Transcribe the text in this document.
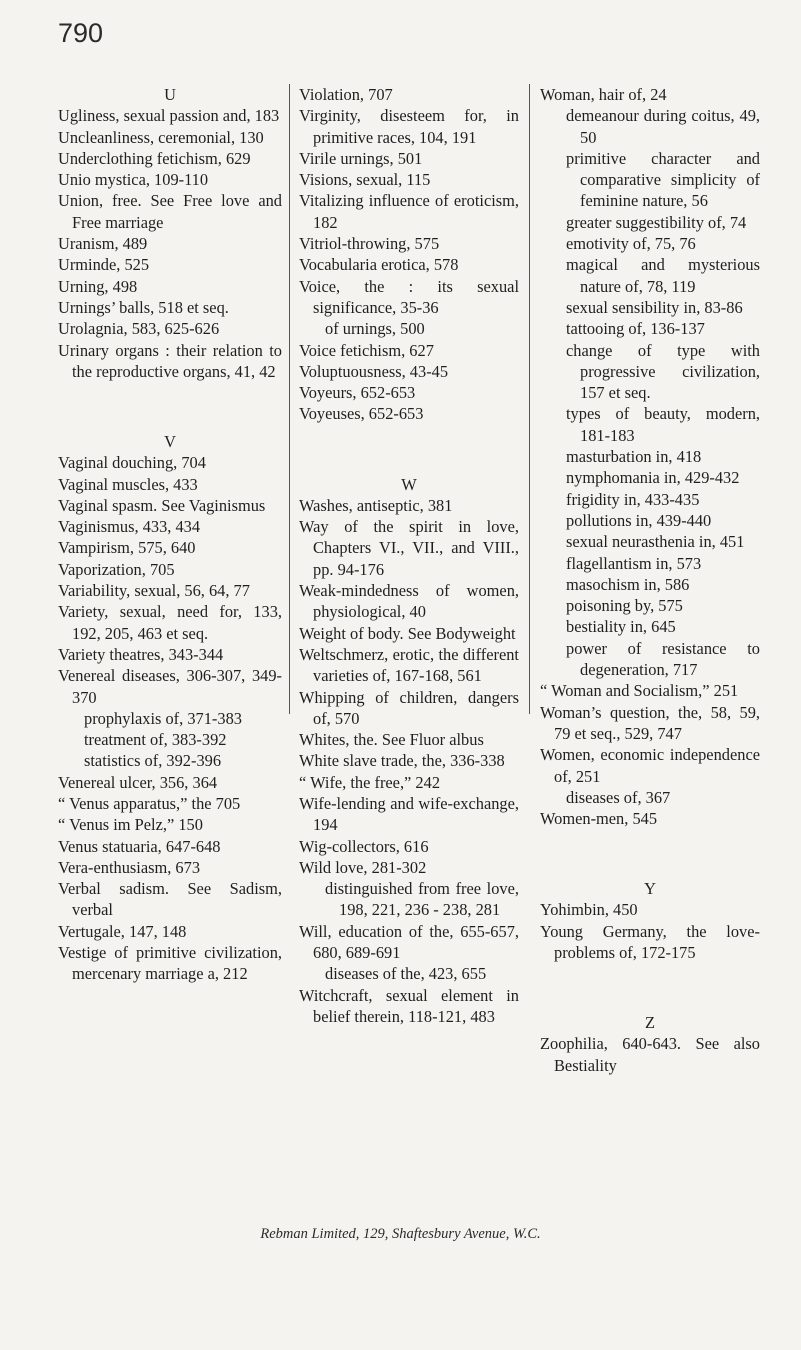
790

U

Ugliness, sexual passion and, 183

Uncleanliness, ceremonial, 130

Underclothing fetichism, 629

Unio mystica, 109-110

Union, free. See Free love and Free marriage

Uranism, 489

Urminde, 525

Urning, 498

Urnings’ balls, 518 et seq.

Urolagnia, 583, 625-626

Urinary organs : their relation to the reproductive organs, 41, 42

V

Vaginal douching, 704

Vaginal muscles, 433

Vaginal spasm. See Vaginismus

Vaginismus, 433, 434

Vampirism, 575, 640

Vaporization, 705

Variability, sexual, 56, 64, 77

Variety, sexual, need for, 133, 192, 205, 463 et seq.

Variety theatres, 343-344

Venereal diseases, 306-307, 349-370

prophylaxis of, 371-383

treatment of, 383-392

statistics of, 392-396

Venereal ulcer, 356, 364

“ Venus apparatus,” the 705

“ Venus im Pelz,” 150

Venus statuaria, 647-648

Vera-enthusiasm, 673

Verbal sadism. See Sadism, verbal

Vertugale, 147, 148

Vestige of primitive civilization, mercenary marriage a, 212

Violation, 707

Virginity, disesteem for, in primitive races, 104, 191

Virile urnings, 501

Visions, sexual, 115

Vitalizing influence of eroticism, 182

Vitriol-throwing, 575

Vocabularia erotica, 578

Voice, the : its sexual significance, 35-36

of urnings, 500

Voice fetichism, 627

Voluptuousness, 43-45

Voyeurs, 652-653

Voyeuses, 652-653

W

Washes, antiseptic, 381

Way of the spirit in love, Chapters VI., VII., and VIII., pp. 94-176

Weak-mindedness of women, physiological, 40

Weight of body. See Bodyweight

Weltschmerz, erotic, the different varieties of, 167-168, 561

Whipping of children, dangers of, 570

Whites, the. See Fluor albus

White slave trade, the, 336-338

“ Wife, the free,” 242

Wife-lending and wife-exchange, 194

Wig-collectors, 616

Wild love, 281-302

distinguished from free love, 198, 221, 236 - 238, 281

Will, education of the, 655-657, 680, 689-691

diseases of the, 423, 655

Witchcraft, sexual element in belief therein, 118-121, 483

Woman, hair of, 24

demeanour during coitus, 49, 50

primitive character and comparative simplicity of feminine nature, 56

greater suggestibility of, 74

emotivity of, 75, 76

magical and mysterious nature of, 78, 119

sexual sensibility in, 83-86

tattooing of, 136-137

change of type with progressive civilization, 157 et seq.

types of beauty, modern, 181-183

masturbation in, 418

nymphomania in, 429-432

frigidity in, 433-435

pollutions in, 439-440

sexual neurasthenia in, 451

flagellantism in, 573

masochism in, 586

poisoning by, 575

bestiality in, 645

power of resistance to degeneration, 717

“ Woman and Socialism,” 251

Woman’s question, the, 58, 59, 79 et seq., 529, 747

Women, economic independence of, 251

diseases of, 367

Women-men, 545

Y

Yohimbin, 450

Young Germany, the love-problems of, 172-175

Z

Zoophilia, 640-643. See also Bestiality

Rebman Limited, 129, Shaftesbury Avenue, W.C.
